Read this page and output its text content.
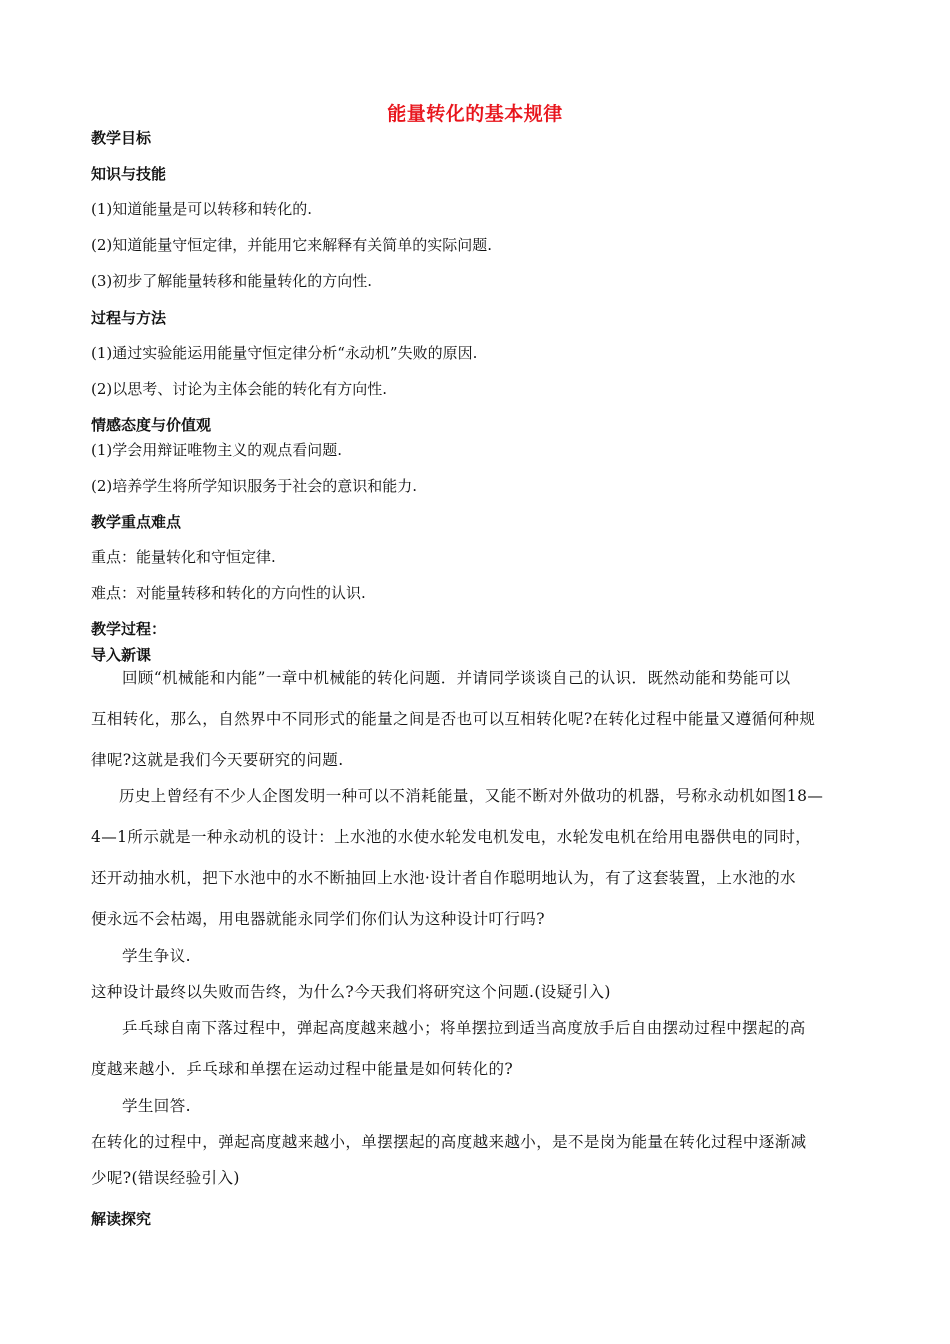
能量转化的基本规律
教学目标
知识与技能
(1)知道能量是可以转移和转化的.
(2)知道能量守恒定律，并能用它来解释有关简单的实际问题.
(3)初步了解能量转移和能量转化的方向性.
过程与方法
(1)通过实验能运用能量守恒定律分析“永动机”失败的原因.
(2)以思考、讨论为主体会能的转化有方向性.
情感态度与价值观
(1)学会用辩证唯物主义的观点看问题.
(2)培养学生将所学知识服务于社会的意识和能力.
教学重点难点
重点：能量转化和守恒定律.
难点：对能量转移和转化的方向性的认识.
教学过程：
导入新课
回顾“机械能和内能”一章中机械能的转化问题．并请同学谈谈自己的认识．既然动能和势能可以
互相转化，那么，自然界中不同形式的能量之间是否也可以互相转化呢?在转化过程中能量又遵循何种规
律呢?这就是我们今天要研究的问题.
历史上曾经有不少人企图发明一种可以不消耗能量，又能不断对外做功的机器，号称永动机如图18—
4—1所示就是一种永动机的设计：上水池的水使水轮发电机发电，水轮发电机在给用电器供电的同时，
还开动抽水机，把下水池中的水不断抽回上水池·设计者自作聪明地认为，有了这套装置，上水池的水
便永远不会枯竭，用电器就能永同学们你们认为这种设计叮行吗?
学生争议.
这种设计最终以失败而告终，为什么?今天我们将研究这个问题.(设疑引入)
乒乓球自南下落过程中，弹起高度越来越小；将单摆拉到适当高度放手后自由摆动过程中摆起的高
度越来越小．乒乓球和单摆在运动过程中能量是如何转化的?
学生回答.
在转化的过程中，弹起高度越来越小，单摆摆起的高度越来越小，是不是岗为能量在转化过程中逐渐减
少呢?(错误经验引入)
解读探究
